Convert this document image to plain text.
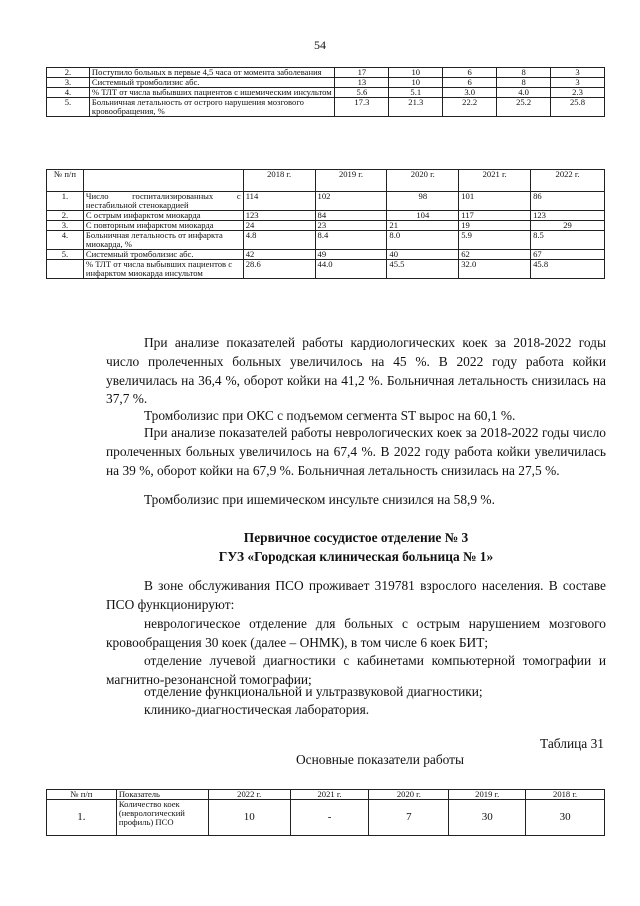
54
2.	Поступило больных в первые 4,5 часа от момента заболевания	17	10	6	8	3
3.	Системный тромболизис абс.	13	10	6	8	3
4.	% ТЛТ от числа выбывших пациентов с ишемическим инсультом	5.6	5.1	3.0	4.0	2.3
5.	Больничная летальность от острого нарушения мозгового кровообращения, %	17.3	21.3	22.2	25.2	25.8
№ п/п		2018 г.	2019 г.	2020 г.	2021 г.	2022 г.
1.	Число госпитализированных с нестабильной стенокардией	114	102	98	101	86
2.	С острым инфарктом миокарда	123	84	104	117	123
3.	С повторным инфарктом миокарда	24	23	21	19	29
4.	Больничная летальность от инфаркта миокарда, %	4.8	8.4	8.0	5.9	8.5
5.	Системный тромболизис абс.	42	49	40	62	67
	% ТЛТ от числа выбывших пациентов с инфарктом миокарда инсультом	28.6	44.0	45.5	32.0	45.8
При анализе показателей работы кардиологических коек за 2018-2022 годы число пролеченных больных увеличилось на 45 %. В 2022 году работа койки увеличилась на 36,4 %, оборот койки на 41,2 %. Больничная летальность снизилась на 37,7 %.
Тромболизис при ОКС с подъемом сегмента ST вырос на 60,1 %.
При анализе показателей работы неврологических коек за 2018-2022 годы число пролеченных больных увеличилось на 67,4 %. В 2022 году работа койки увеличилась на 39 %, оборот койки на 67,9 %. Больничная летальность снизилась на 27,5 %.
Тромболизис при ишемическом инсульте снизился на 58,9 %.
Первичное сосудистое отделение № 3
ГУЗ «Городская клиническая больница № 1»
В зоне обслуживания ПСО проживает 319781 взрослого населения. В составе ПСО функционируют:
неврологическое отделение для больных с острым нарушением мозгового кровообращения 30 коек (далее – ОНМК), в том числе 6 коек БИТ;
отделение лучевой диагностики с кабинетами компьютерной томографии и магнитно-резонансной томографии;
отделение функциональной и ультразвуковой диагностики;
клинико-диагностическая лаборатория.
Таблица 31
Основные показатели работы
№ п/п	Показатель	2022 г.	2021 г.	2020 г.	2019 г.	2018 г.
1.	Количество коек (неврологический профиль) ПСО	10	-	7	30	30
